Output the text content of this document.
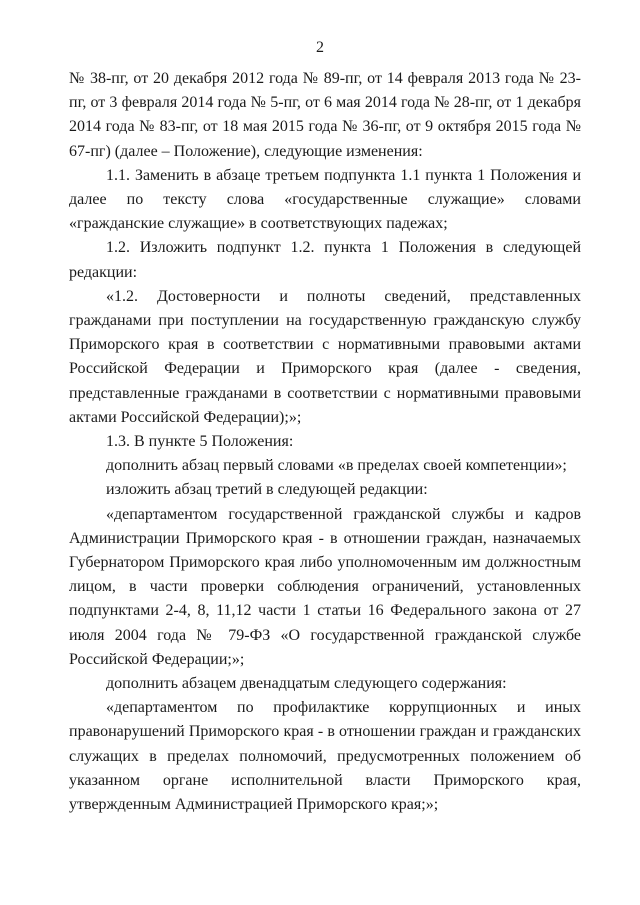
2

№ 38-пг, от 20 декабря 2012 года № 89-пг, от 14 февраля 2013 года № 23-пг, от 3 февраля 2014 года № 5-пг, от 6 мая 2014 года № 28-пг, от 1 декабря 2014 года № 83-пг, от 18 мая 2015 года № 36-пг, от 9 октября 2015 года № 67-пг) (далее – Положение), следующие изменения:

1.1. Заменить в абзаце третьем подпункта 1.1 пункта 1 Положения и далее по тексту слова «государственные служащие» словами «гражданские служащие» в соответствующих падежах;

1.2. Изложить подпункт 1.2. пункта 1 Положения в следующей редакции:

«1.2. Достоверности и полноты сведений, представленных гражданами при поступлении на государственную гражданскую службу Приморского края в соответствии с нормативными правовыми актами Российской Федерации и Приморского края (далее - сведения, представленные гражданами в соответствии с нормативными правовыми актами Российской Федерации);»;

1.3. В пункте 5 Положения:

дополнить абзац первый словами «в пределах своей компетенции»;

изложить абзац третий в следующей редакции:

«департаментом государственной гражданской службы и кадров Администрации Приморского края - в отношении граждан, назначаемых Губернатором Приморского края либо уполномоченным им должностным лицом, в части проверки соблюдения ограничений, установленных подпунктами 2-4, 8, 11,12 части 1 статьи 16 Федерального закона от 27 июля 2004 года № 79-ФЗ «О государственной гражданской службе Российской Федерации;»;

дополнить абзацем двенадцатым следующего содержания:

«департаментом по профилактике коррупционных и иных правонарушений Приморского края - в отношении граждан и гражданских служащих в пределах полномочий, предусмотренных положением об указанном органе исполнительной власти Приморского края, утвержденным Администрацией Приморского края;»;
